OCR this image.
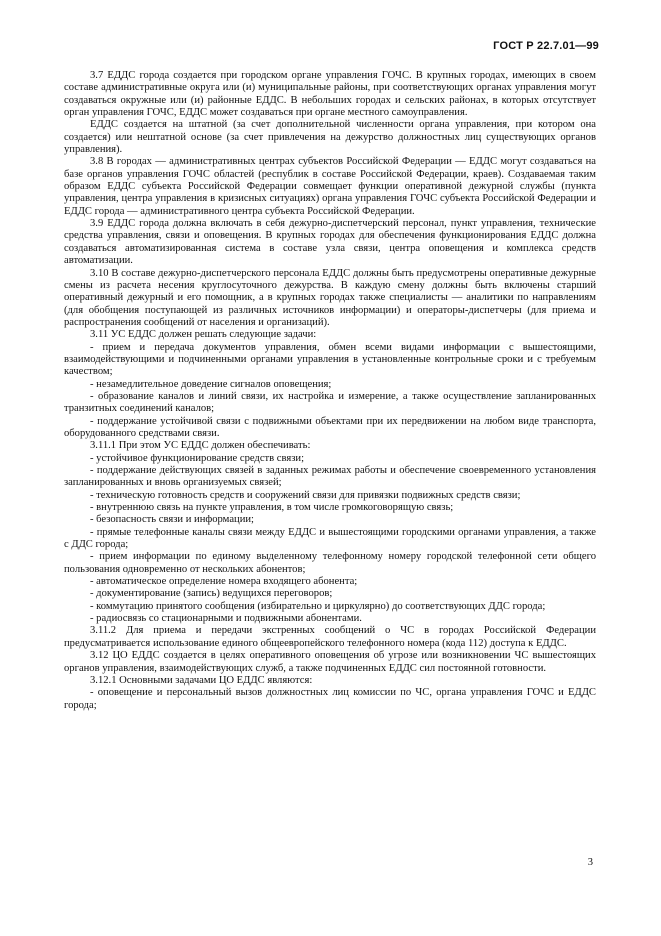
ГОСТ Р 22.7.01—99

3.7 ЕДДС города создается при городском органе управления ГОЧС. В крупных городах, имеющих в своем составе административные округа или (и) муниципальные районы, при соответствующих органах управления могут создаваться окружные или (и) районные ЕДДС. В небольших городах и сельских районах, в которых отсутствует орган управления ГОЧС, ЕДДС может создаваться при органе местного самоуправления.

ЕДДС создается на штатной (за счет дополнительной численности органа управления, при котором она создается) или нештатной основе (за счет привлечения на дежурство должностных лиц существующих органов управления).

3.8 В городах — административных центрах субъектов Российской Федерации — ЕДДС могут создаваться на базе органов управления ГОЧС областей (республик в составе Российской Федерации, краев). Создаваемая таким образом ЕДДС субъекта Российской Федерации совмещает функции оперативной дежурной службы (пункта управления, центра управления в кризисных ситуациях) органа управления ГОЧС субъекта Российской Федерации и ЕДДС города — административного центра субъекта Российской Федерации.

3.9 ЕДДС города должна включать в себя дежурно-диспетчерский персонал, пункт управления, технические средства управления, связи и оповещения. В крупных городах для обеспечения функционирования ЕДДС должна создаваться автоматизированная система в составе узла связи, центра оповещения и комплекса средств автоматизации.

3.10 В составе дежурно-диспетчерского персонала ЕДДС должны быть предусмотрены оперативные дежурные смены из расчета несения круглосуточного дежурства. В каждую смену должны быть включены старший оперативный дежурный и его помощник, а в крупных городах также специалисты — аналитики по направлениям (для обобщения поступающей из различных источников информации) и операторы-диспетчеры (для приема и распространения сообщений от населения и организаций).

3.11 УС ЕДДС должен решать следующие задачи:

- прием и передача документов управления, обмен всеми видами информации с вышестоящими, взаимодействующими и подчиненными органами управления в установленные контрольные сроки и с требуемым качеством;

- незамедлительное доведение сигналов оповещения;

- образование каналов и линий связи, их настройка и измерение, а также осуществление запланированных транзитных соединений каналов;

- поддержание устойчивой связи с подвижными объектами при их передвижении на любом виде транспорта, оборудованного средствами связи.

3.11.1 При этом УС ЕДДС должен обеспечивать:

- устойчивое функционирование средств связи;

- поддержание действующих связей в заданных режимах работы и обеспечение своевременного установления запланированных и вновь организуемых связей;

- техническую готовность средств и сооружений связи для привязки подвижных средств связи;

- внутреннюю связь на пункте управления, в том числе громкоговорящую связь;

- безопасность связи и информации;

- прямые телефонные каналы связи между ЕДДС и вышестоящими городскими органами управления, а также с ДДС города;

- прием информации по единому выделенному телефонному номеру городской телефонной сети общего пользования одновременно от нескольких абонентов;

- автоматическое определение номера входящего абонента;

- документирование (запись) ведущихся переговоров;

- коммутацию принятого сообщения (избирательно и циркулярно) до соответствующих ДДС города;

- радиосвязь со стационарными и подвижными абонентами.

3.11.2 Для приема и передачи экстренных сообщений о ЧС в городах Российской Федерации предусматривается использование единого общеевропейского телефонного номера (кода 112) доступа к ЕДДС.

3.12 ЦО ЕДДС создается в целях оперативного оповещения об угрозе или возникновении ЧС вышестоящих органов управления, взаимодействующих служб, а также подчиненных ЕДДС сил постоянной готовности.

3.12.1 Основными задачами ЦО ЕДДС являются:

- оповещение и персональный вызов должностных лиц комиссии по ЧС, органа управления ГОЧС и ЕДДС города;

3
